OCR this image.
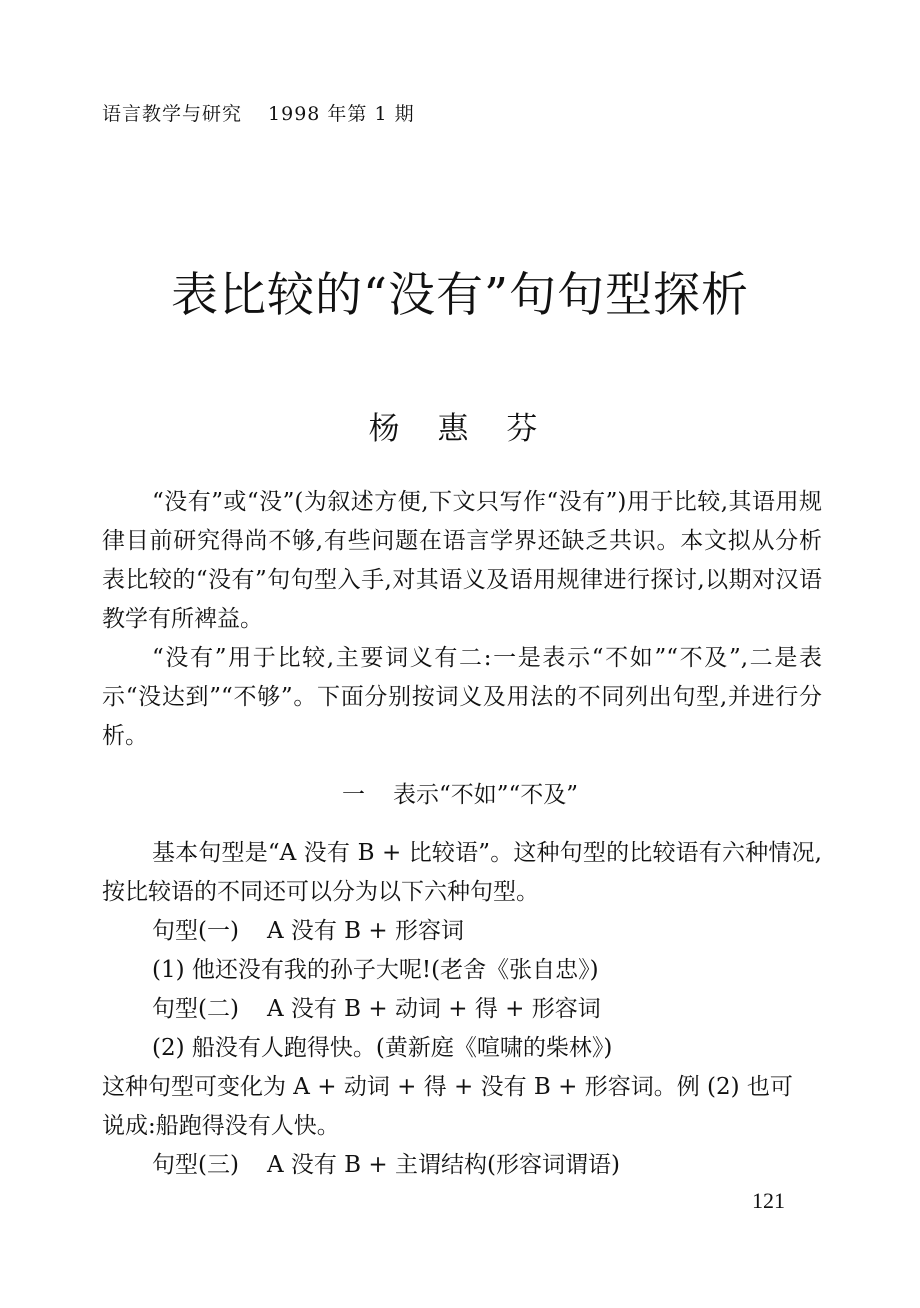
语言教学与研究 1998 年第 1 期
表比较的“没有”句句型探析
杨 惠 芬
“没有”或“没”(为叙述方便,下文只写作“没有”)用于比较,其语用规律目前研究得尚不够,有些问题在语言学界还缺乏共识。本文拟从分析表比较的“没有”句句型入手,对其语义及语用规律进行探讨,以期对汉语教学有所裨益。
“没有”用于比较,主要词义有二:一是表示“不如”“不及”,二是表示“没达到”“不够”。下面分别按词义及用法的不同列出句型,并进行分析。
一 表示“不如”“不及”
基本句型是“A 没有 B + 比较语”。这种句型的比较语有六种情况,按比较语的不同还可以分为以下六种句型。
句型(一) A 没有 B + 形容词
(1) 他还没有我的孙子大呢!(老舍《张自忠》)
句型(二) A 没有 B + 动词 + 得 + 形容词
(2) 船没有人跑得快。(黄新庭《喧啸的柴林》)
这种句型可变化为 A + 动词 + 得 + 没有 B + 形容词。例 (2) 也可
说成:船跑得没有人快。
句型(三) A 没有 B + 主谓结构(形容词谓语)
121
